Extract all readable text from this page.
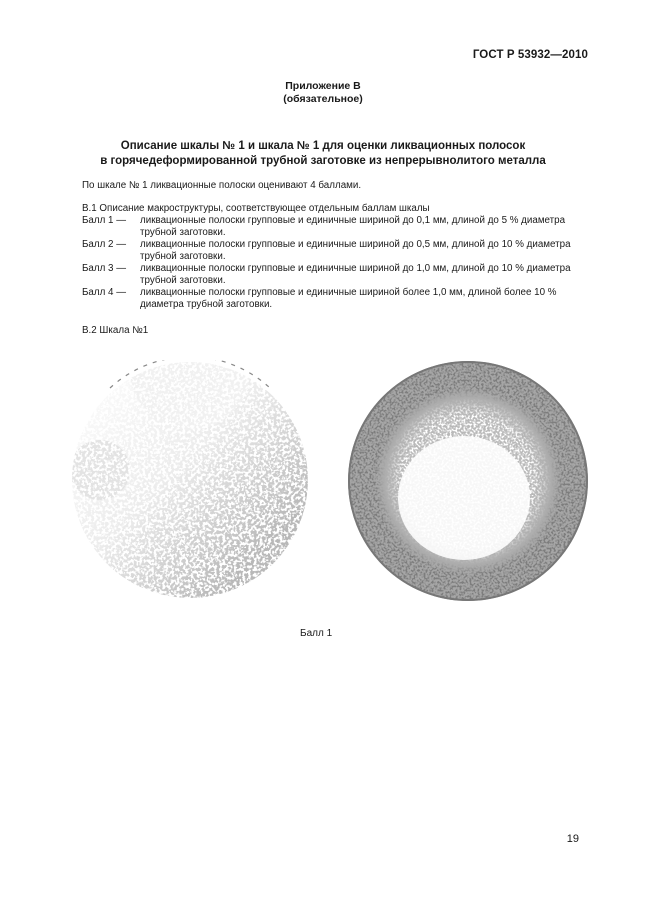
ГОСТ Р 53932—2010
Приложение В
(обязательное)
Описание шкалы № 1 и шкала № 1 для оценки ликвационных полосок
в горячедеформированной трубной заготовке из непрерывнолитого металла
По шкале № 1 ликвационные полоски оценивают 4 баллами.
В.1 Описание макроструктуры, соответствующее отдельным баллам шкалы
Балл 1 — ликвационные полоски групповые и единичные шириной до 0,1 мм, длиной до 5 % диаметра
трубной заготовки.
Балл 2 — ликвационные полоски групповые и единичные шириной до 0,5 мм, длиной до 10 % диаметра
трубной заготовки.
Балл 3 — ликвационные полоски групповые и единичные шириной до 1,0 мм, длиной до 10 % диаметра
трубной заготовки.
Балл 4 — ликвационные полоски групповые и единичные шириной более 1,0 мм, длиной более 10 %
диаметра трубной заготовки.
В.2 Шкала №1
Балл 1
19
